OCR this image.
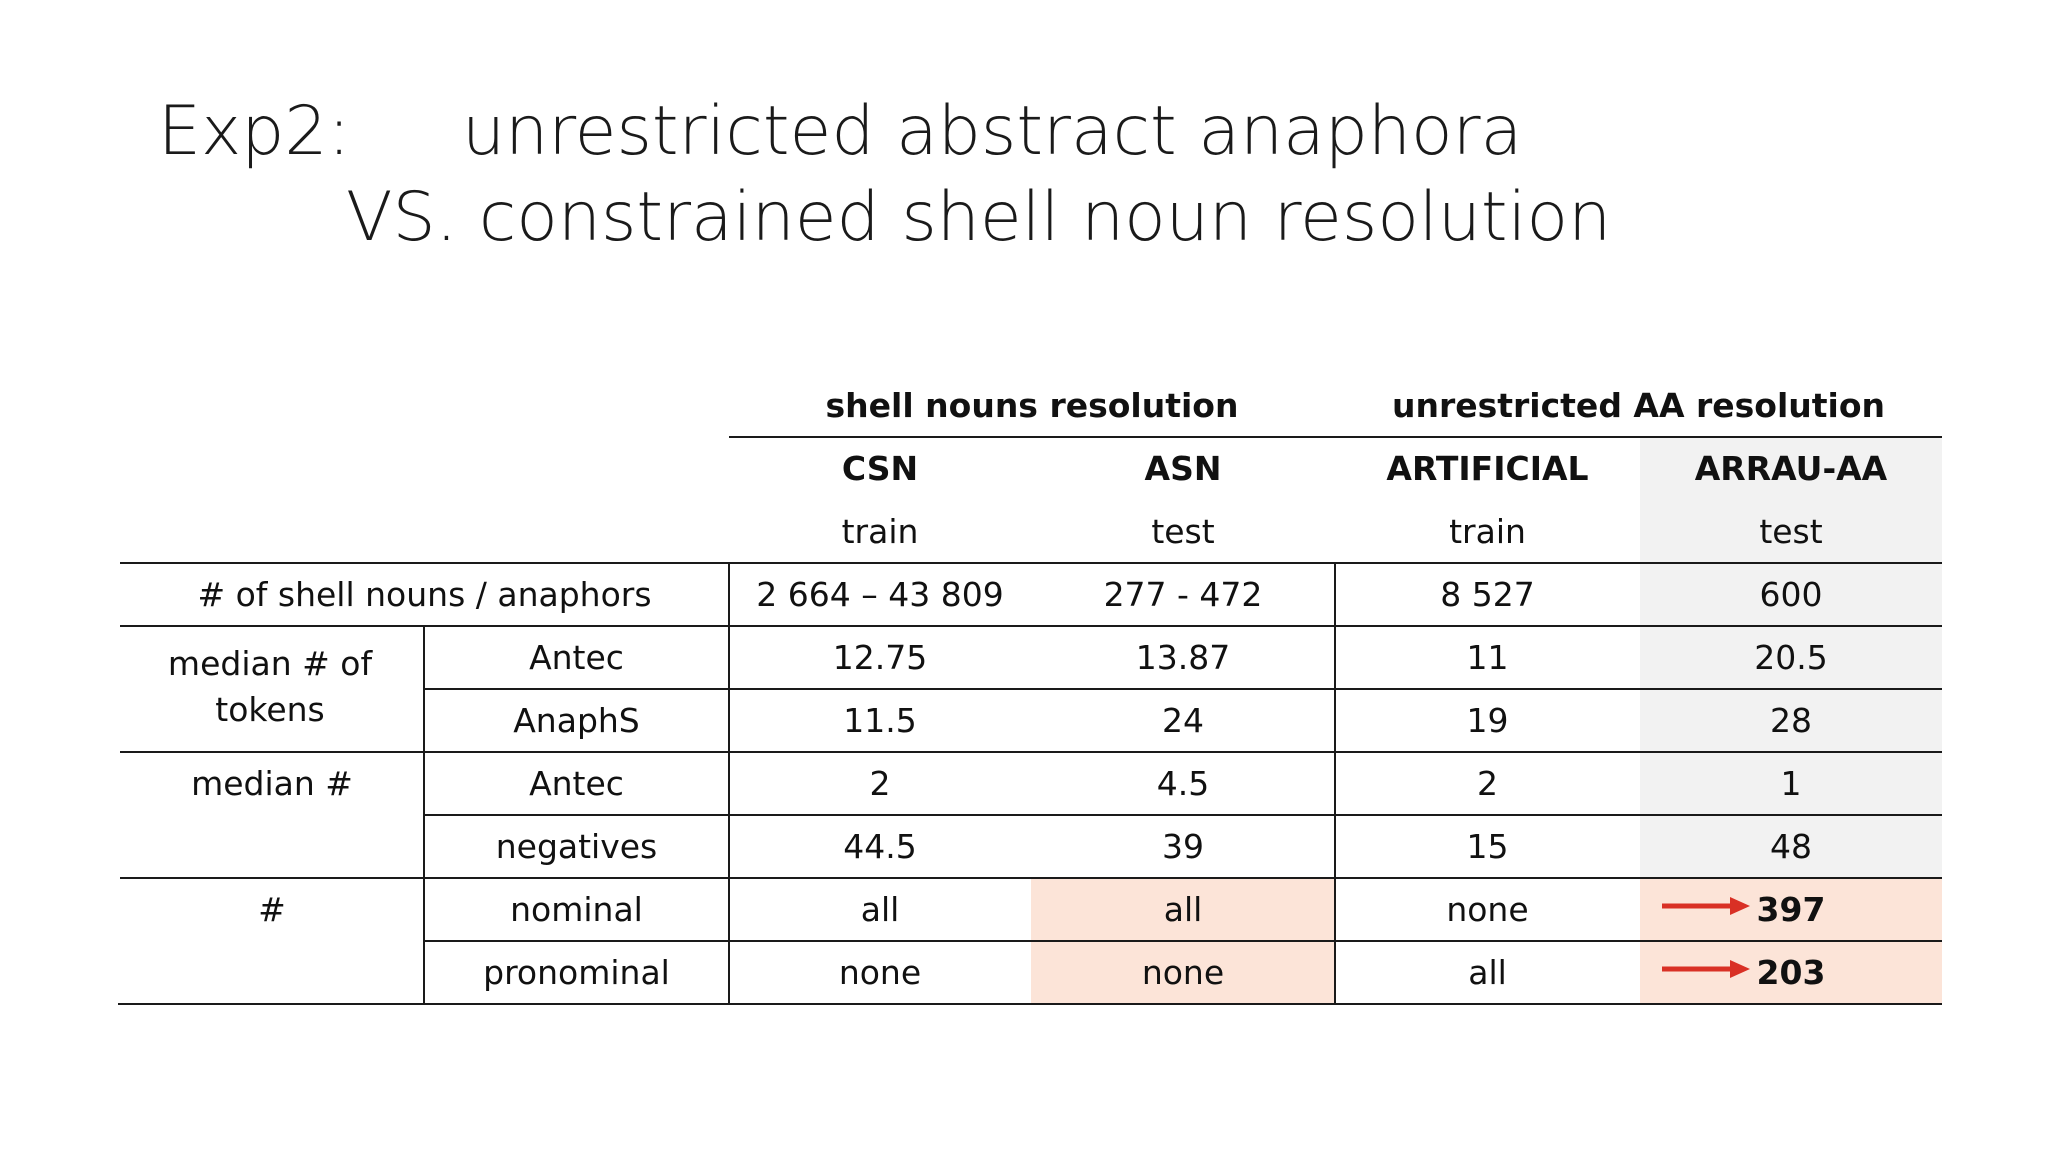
Exp2: unrestricted abstract anaphora
VS. constrained shell noun resolution
shell nouns resolution	unrestricted AA resolution
CSN	ASN	ARTIFICIAL	ARRAU-AA
train	test	train	test
# of shell nouns / anaphors	2 664 – 43 809	277 - 472	8 527	600
median # of tokens
Antec	12.75	13.87	11	20.5
AnaphS	11.5	24	19	28
median #	Antec	2	4.5	2	1
negatives	44.5	39	15	48
#	nominal	all	all	none	397
pronominal	none	none	all	203
